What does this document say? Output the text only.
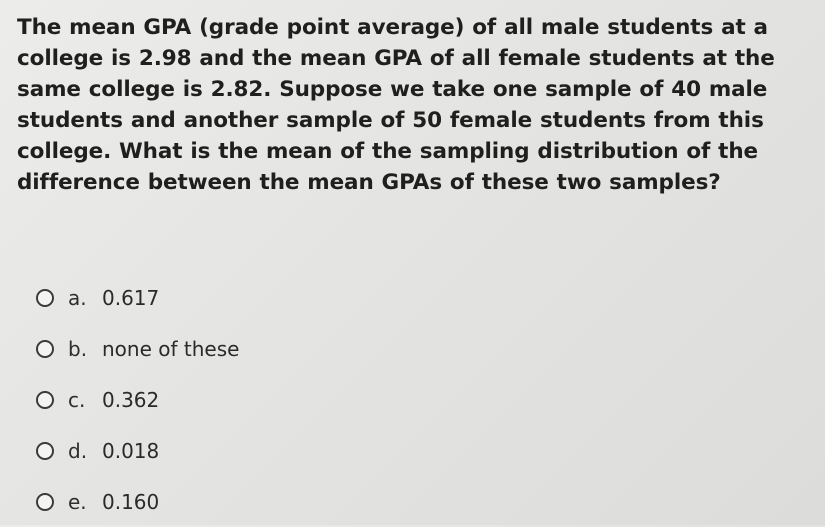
The mean GPA (grade point average) of all male students at a college is 2.98 and the mean GPA of all female students at the same college is 2.82. Suppose we take one sample of 40 male students and another sample of 50 female students from this college. What is the mean of the sampling distribution of the difference between the mean GPAs of these two samples?

a. 0.617
b. none of these
c. 0.362
d. 0.018
e. 0.160
